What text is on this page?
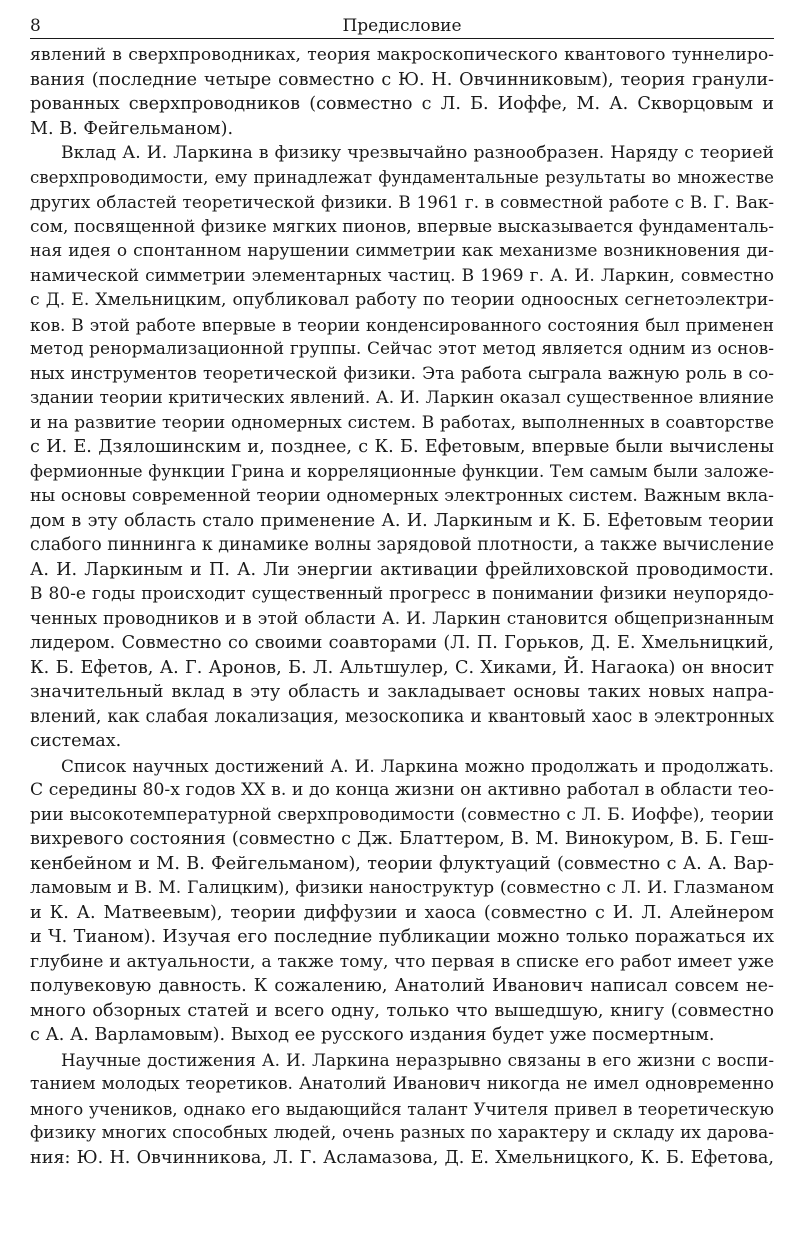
8	Предисловие
явлений в сверхпроводниках, теория макроскопического квантового туннелиро-
вания (последние четыре совместно с Ю. Н. Овчинниковым), теория гранули-
рованных сверхпроводников (совместно с Л. Б. Иоффе, М. А. Скворцовым и
М. В. Фейгельманом).
Вклад А. И. Ларкина в физику чрезвычайно разнообразен. Наряду с теорией
сверхпроводимости, ему принадлежат фундаментальные результаты во множестве
других областей теоретической физики. В 1961 г. в совместной работе с В. Г. Вак-
сом, посвященной физике мягких пионов, впервые высказывается фундаменталь-
ная идея о спонтанном нарушении симметрии как механизме возникновения ди-
намической симметрии элементарных частиц. В 1969 г. А. И. Ларкин, совместно
с Д. Е. Хмельницким, опубликовал работу по теории одноосных сегнетоэлектри-
ков. В этой работе впервые в теории конденсированного состояния был применен
метод ренормализационной группы. Сейчас этот метод является одним из основ-
ных инструментов теоретической физики. Эта работа сыграла важную роль в со-
здании теории критических явлений. А. И. Ларкин оказал существенное влияние
и на развитие теории одномерных систем. В работах, выполненных в соавторстве
с И. Е. Дзялошинским и, позднее, с К. Б. Ефетовым, впервые были вычислены
фермионные функции Грина и корреляционные функции. Тем самым были заложе-
ны основы современной теории одномерных электронных систем. Важным вкла-
дом в эту область стало применение А. И. Ларкиным и К. Б. Ефетовым теории
слабого пиннинга к динамике волны зарядовой плотности, а также вычисление
А. И. Ларкиным и П. А. Ли энергии активации фрейлиховской проводимости.
В 80-е годы происходит существенный прогресс в понимании физики неупорядо-
ченных проводников и в этой области А. И. Ларкин становится общепризнанным
лидером. Совместно со своими соавторами (Л. П. Горьков, Д. Е. Хмельницкий,
К. Б. Ефетов, А. Г. Аронов, Б. Л. Альтшулер, С. Хиками, Й. Нагаока) он вносит
значительный вклад в эту область и закладывает основы таких новых напра-
влений, как слабая локализация, мезоскопика и квантовый хаос в электронных
системах.
Список научных достижений А. И. Ларкина можно продолжать и продолжать.
С середины 80-х годов XX в. и до конца жизни он активно работал в области тео-
рии высокотемпературной сверхпроводимости (совместно с Л. Б. Иоффе), теории
вихревого состояния (совместно с Дж. Блаттером, В. М. Винокуром, В. Б. Геш-
кенбейном и М. В. Фейгельманом), теории флуктуаций (совместно с А. А. Вар-
ламовым и В. М. Галицким), физики наноструктур (совместно с Л. И. Глазманом
и К. А. Матвеевым), теории диффузии и хаоса (совместно с И. Л. Алейнером
и Ч. Тианом). Изучая его последние публикации можно только поражаться их
глубине и актуальности, а также тому, что первая в списке его работ имеет уже
полувековую давность. К сожалению, Анатолий Иванович написал совсем не-
много обзорных статей и всего одну, только что вышедшую, книгу (совместно
с А. А. Варламовым). Выход ее русского издания будет уже посмертным.
Научные достижения А. И. Ларкина неразрывно связаны в его жизни с воспи-
танием молодых теоретиков. Анатолий Иванович никогда не имел одновременно
много учеников, однако его выдающийся талант Учителя привел в теоретическую
физику многих способных людей, очень разных по характеру и складу их дарова-
ния: Ю. Н. Овчинникова, Л. Г. Асламазова, Д. Е. Хмельницкого, К. Б. Ефетова,
